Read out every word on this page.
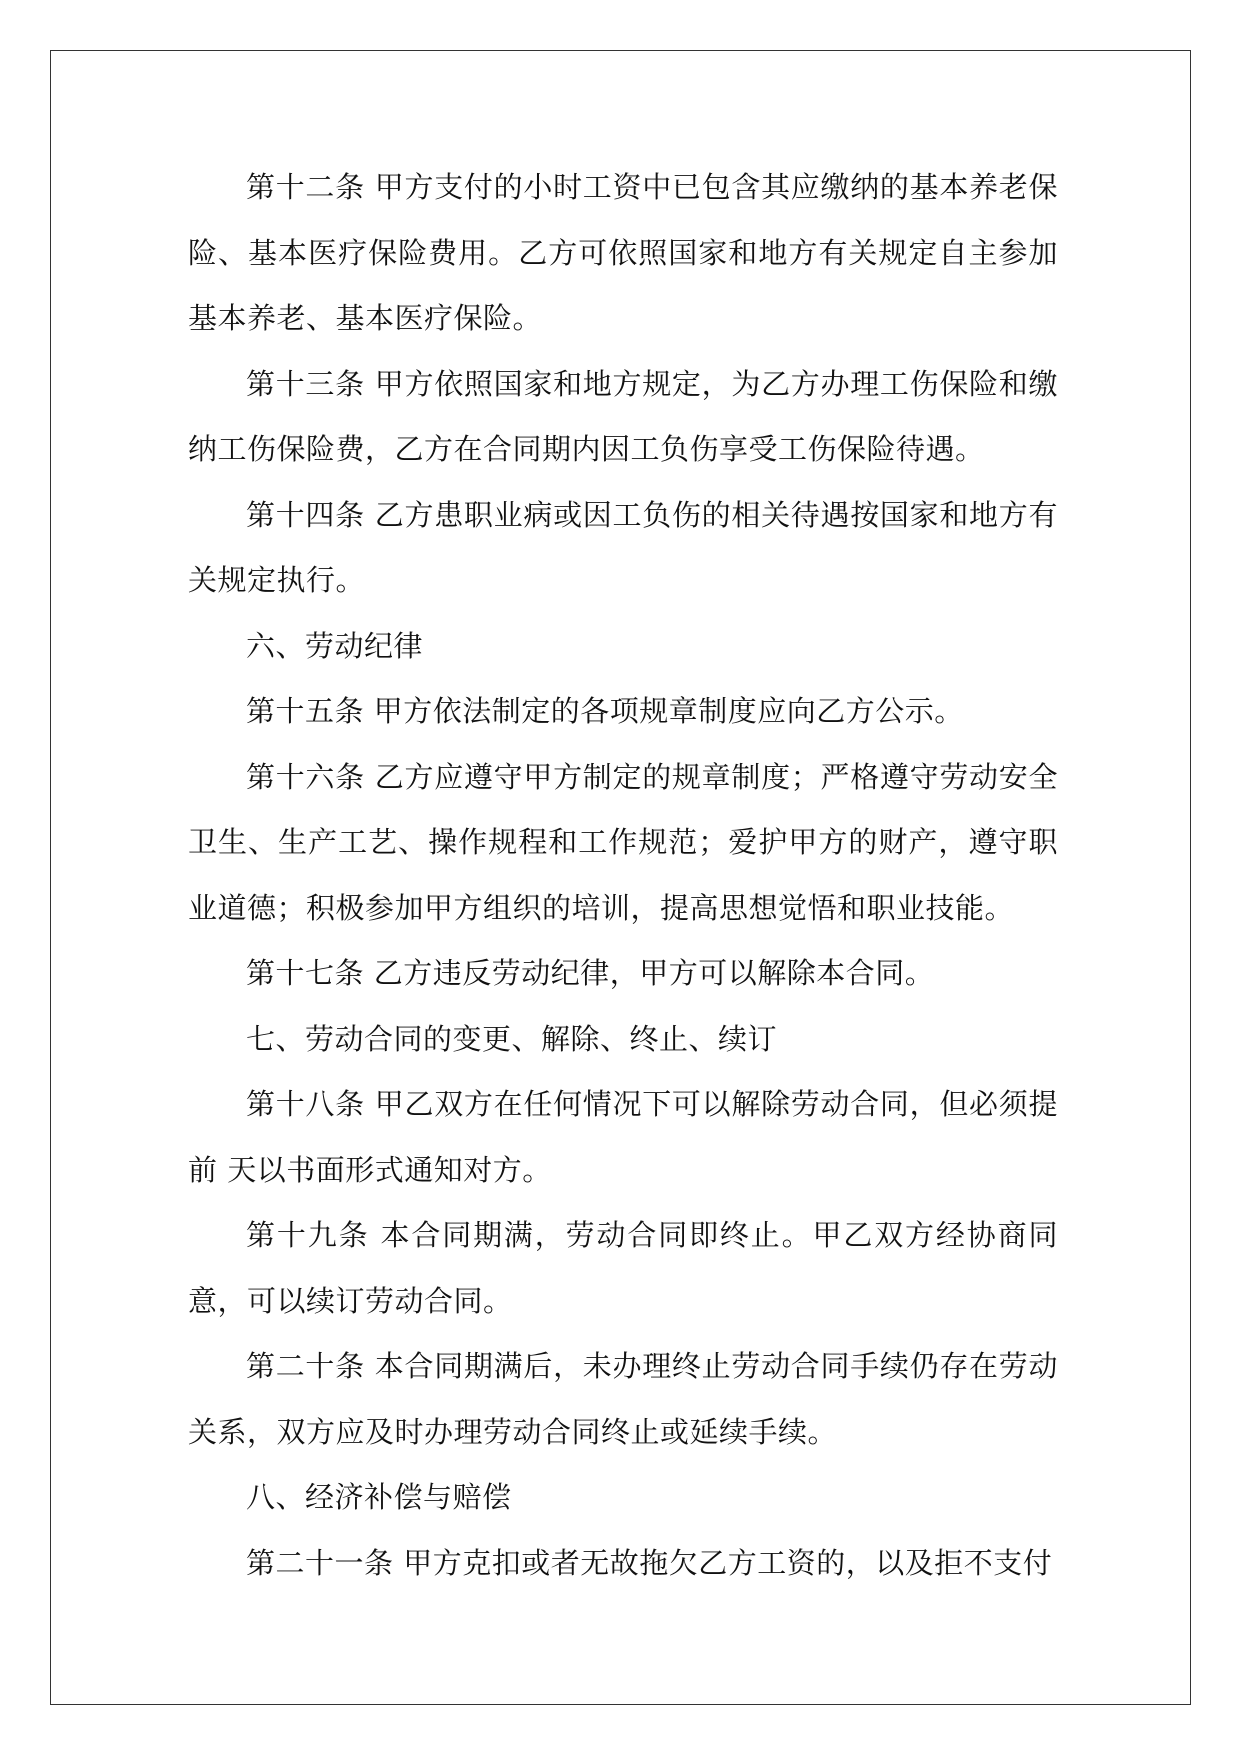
第十二条 甲方支付的小时工资中已包含其应缴纳的基本养老保险、基本医疗保险费用。乙方可依照国家和地方有关规定自主参加基本养老、基本医疗保险。

第十三条 甲方依照国家和地方规定，为乙方办理工伤保险和缴纳工伤保险费，乙方在合同期内因工负伤享受工伤保险待遇。

第十四条 乙方患职业病或因工负伤的相关待遇按国家和地方有关规定执行。

六、劳动纪律

第十五条 甲方依法制定的各项规章制度应向乙方公示。

第十六条 乙方应遵守甲方制定的规章制度；严格遵守劳动安全卫生、生产工艺、操作规程和工作规范；爱护甲方的财产，遵守职业道德；积极参加甲方组织的培训，提高思想觉悟和职业技能。

第十七条 乙方违反劳动纪律，甲方可以解除本合同。

七、劳动合同的变更、解除、终止、续订

第十八条 甲乙双方在任何情况下可以解除劳动合同，但必须提前 天以书面形式通知对方。

第十九条 本合同期满，劳动合同即终止。甲乙双方经协商同意，可以续订劳动合同。

第二十条 本合同期满后，未办理终止劳动合同手续仍存在劳动关系，双方应及时办理劳动合同终止或延续手续。

八、经济补偿与赔偿

第二十一条 甲方克扣或者无故拖欠乙方工资的，以及拒不支付
